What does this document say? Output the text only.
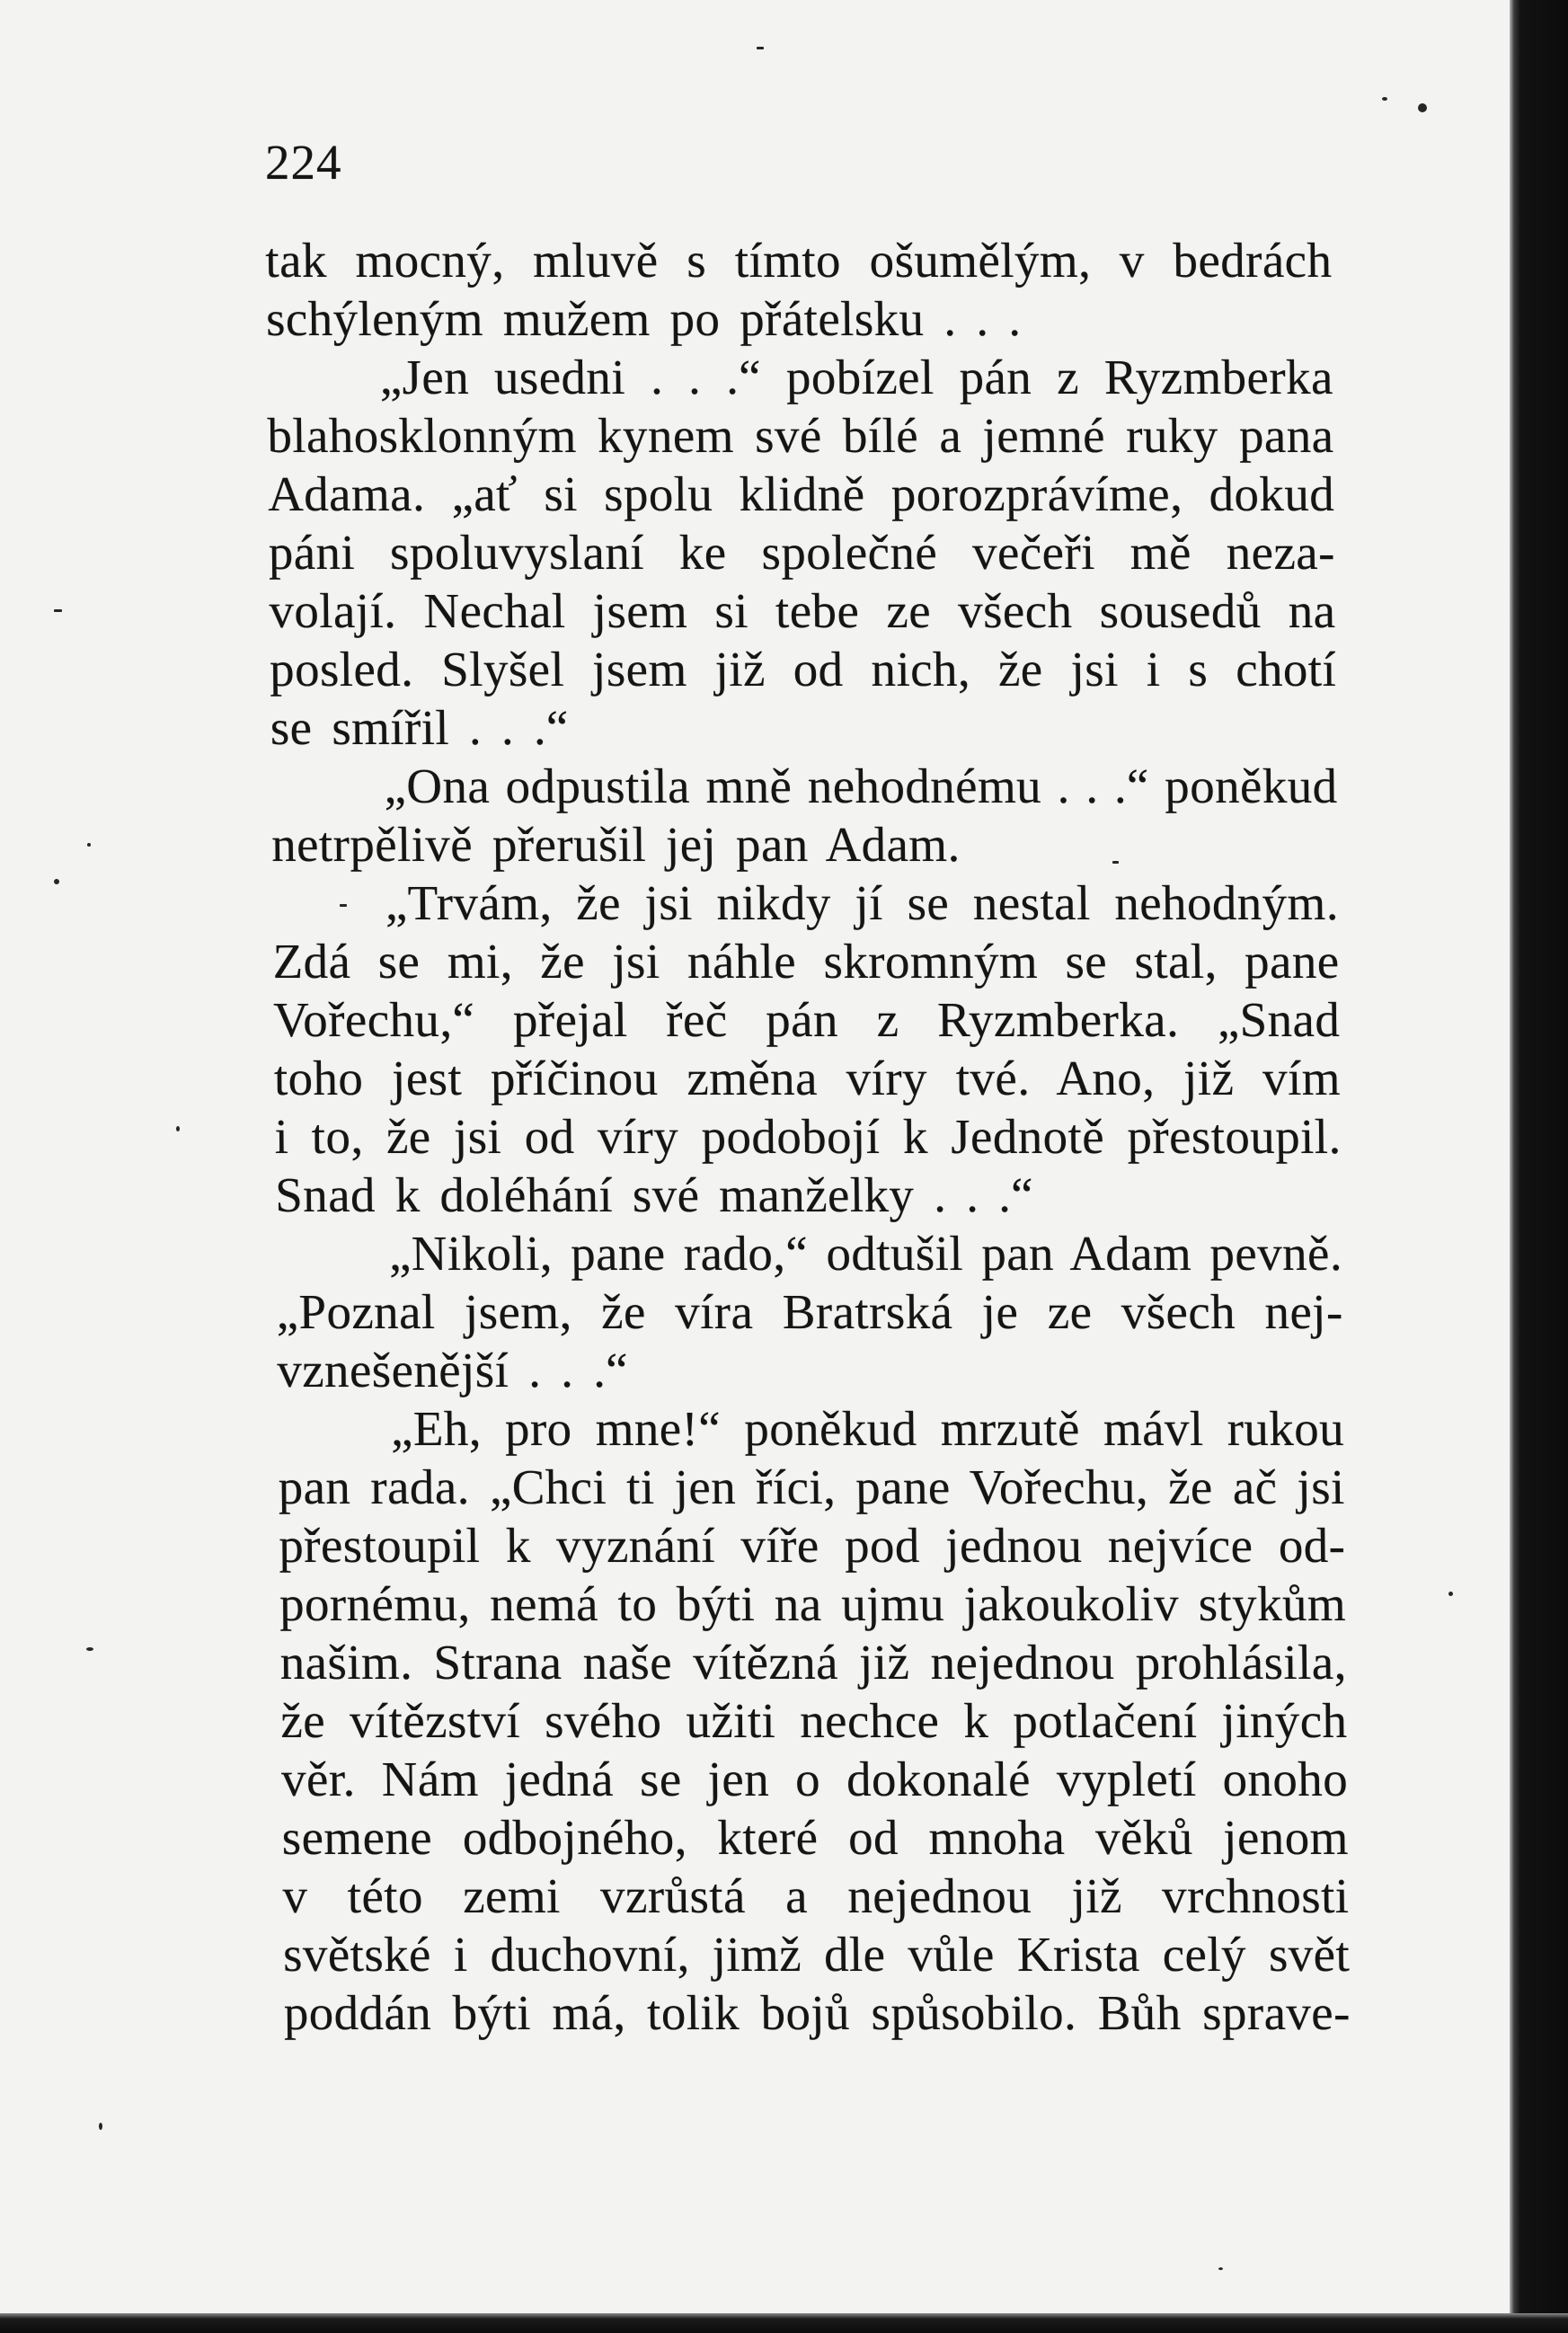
224
tak mocný, mluvě s tímto ošumělým, v bedrách
schýleným mužem po přátelsku . . .
„Jen usedni . . .“ pobízel pán z Ryzmberka
blahosklonným kynem své bílé a jemné ruky pana
Adama. „ať si spolu klidně porozprávíme, dokud
páni spoluvyslaní ke společné večeři mě neza-
volají. Nechal jsem si tebe ze všech sousedů na
posled. Slyšel jsem již od nich, že jsi i s chotí
se smířil . . .“
„Ona odpustila mně nehodnému . . .“ poněkud
netrpělivě přerušil jej pan Adam.
„Trvám, že jsi nikdy jí se nestal nehodným.
Zdá se mi, že jsi náhle skromným se stal, pane
Vořechu,“ přejal řeč pán z Ryzmberka. „Snad
toho jest příčinou změna víry tvé. Ano, již vím
i to, že jsi od víry podobojí k Jednotě přestoupil.
Snad k doléhání své manželky . . .“
„Nikoli, pane rado,“ odtušil pan Adam pevně.
„Poznal jsem, že víra Bratrská je ze všech nej-
vznešenější . . .“
„Eh, pro mne!“ poněkud mrzutě mávl rukou
pan rada. „Chci ti jen říci, pane Vořechu, že ač jsi
přestoupil k vyznání víře pod jednou nejvíce od-
pornému, nemá to býti na ujmu jakoukoliv stykům
našim. Strana naše vítězná již nejednou prohlásila,
že vítězství svého užiti nechce k potlačení jiných
věr. Nám jedná se jen o dokonalé vypletí onoho
semene odbojného, které od mnoha věků jenom
v této zemi vzrůstá a nejednou již vrchnosti
světské i duchovní, jimž dle vůle Krista celý svět
poddán býti má, tolik bojů spůsobilo. Bůh sprave-
